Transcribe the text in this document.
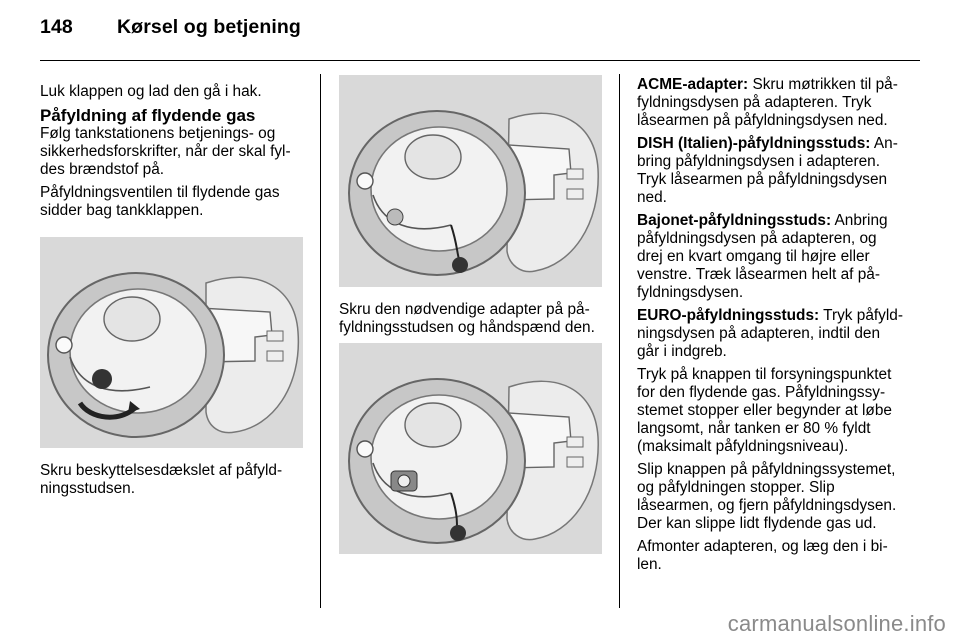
148 Kørsel og betjening

Luk klappen og lad den gå i hak.

Påfyldning af flydende gas

Følg tankstationens betjenings- og sikkerhedsforskrifter, når der skal fyldes brændstof på.

Påfyldningsventilen til flydende gas sidder bag tankklappen.

Skru beskyttelsesdækslet af påfyldningsstudsen.

Skru den nødvendige adapter på påfyldningsstudsen og håndspænd den.

ACME-adapter: Skru møtrikken til påfyldningsdysen på adapteren. Tryk låsearmen på påfyldningsdysen ned.

DISH (Italien)-påfyldningsstuds: Anbring påfyldningsdysen i adapteren. Tryk låsearmen på påfyldningsdysen ned.

Bajonet-påfyldningsstuds: Anbring påfyldningsdysen på adapteren, og drej en kvart omgang til højre eller venstre. Træk låsearmen helt af påfyldningsdysen.

EURO-påfyldningsstuds: Tryk påfyldningsdysen på adapteren, indtil den går i indgreb.

Tryk på knappen til forsyningspunktet for den flydende gas. Påfyldningssystemet stopper eller begynder at løbe langsomt, når tanken er 80 % fyldt (maksimalt påfyldningsniveau).

Slip knappen på påfyldningssystemet, og påfyldningen stopper. Slip låsearmen, og fjern påfyldningsdysen. Der kan slippe lidt flydende gas ud.

Afmonter adapteren, og læg den i bilen.

carmanualsonline.info
